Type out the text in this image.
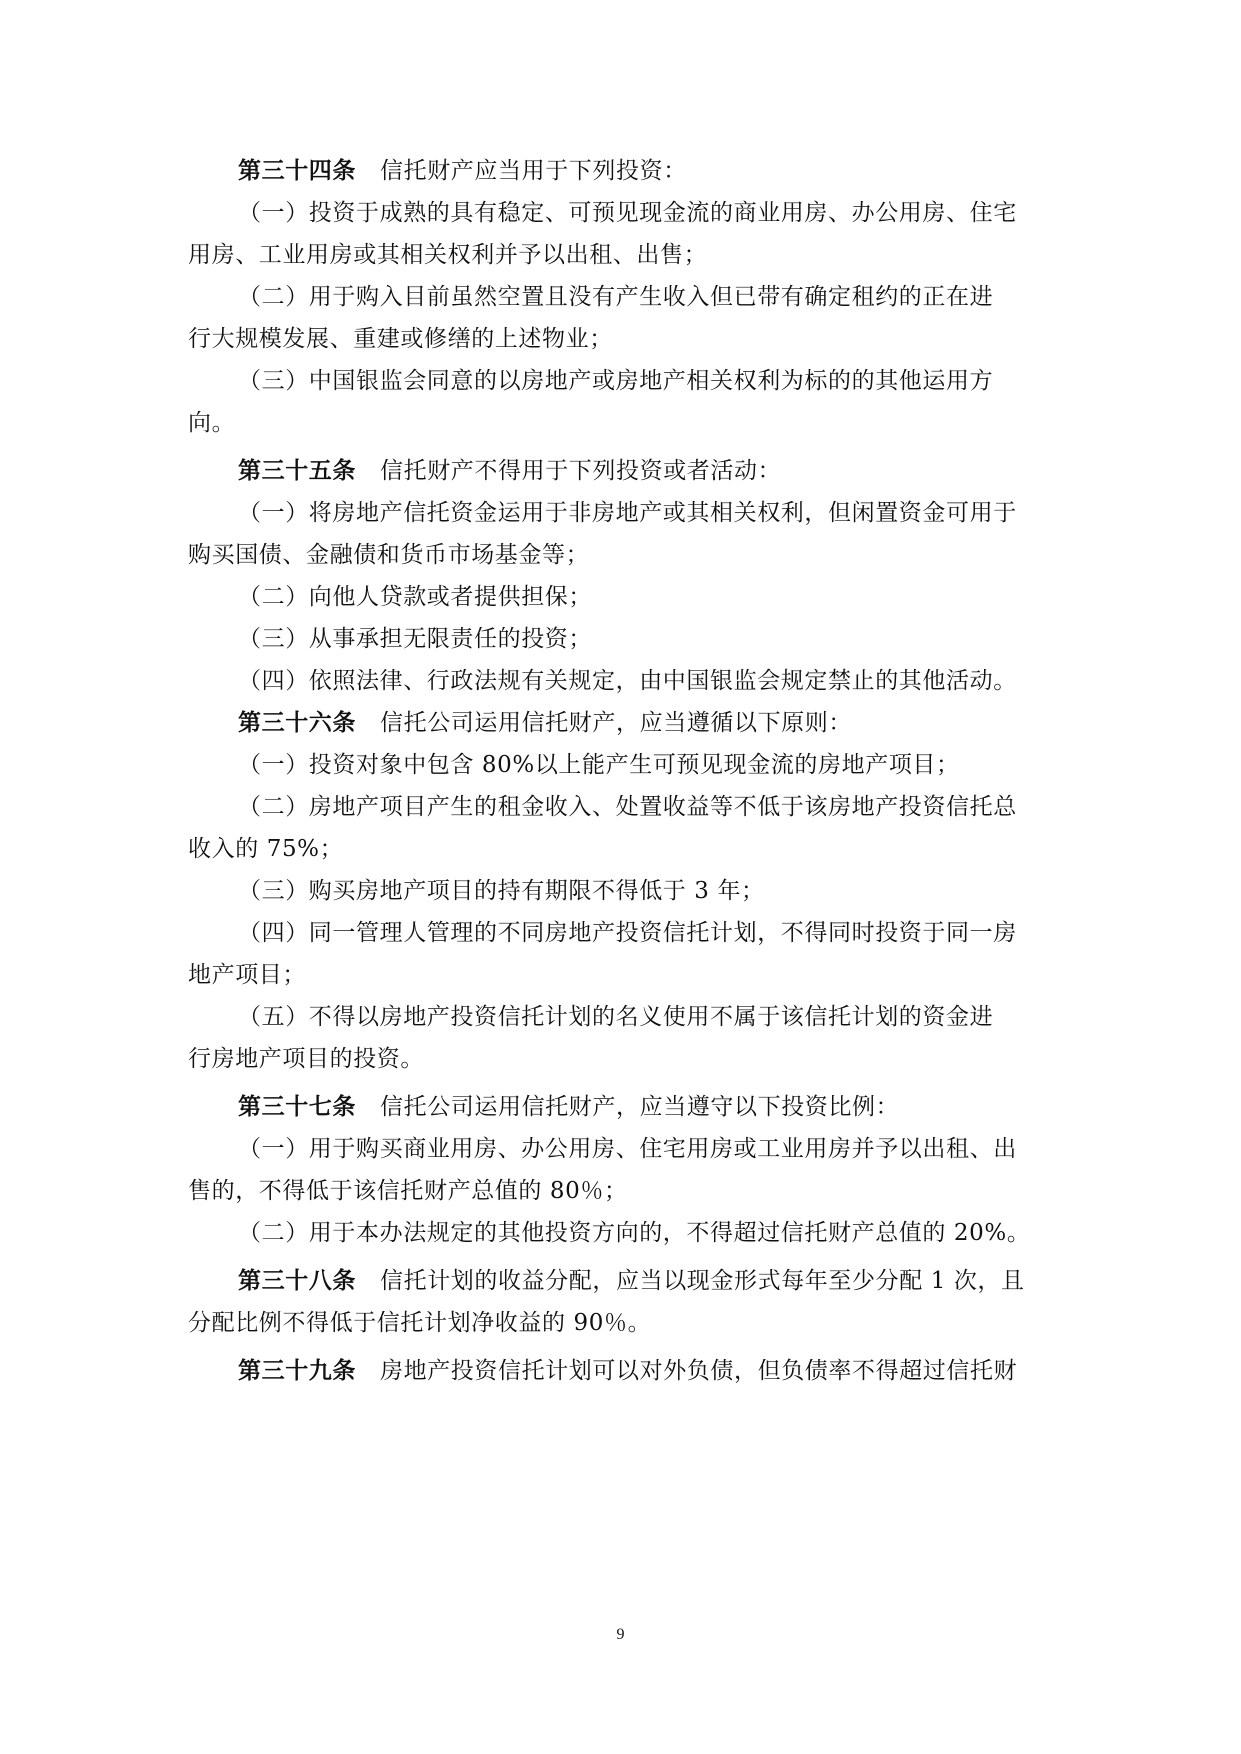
第三十四条 信托财产应当用于下列投资：
（一）投资于成熟的具有稳定、可预见现金流的商业用房、办公用房、住宅
用房、工业用房或其相关权利并予以出租、出售；
（二）用于购入目前虽然空置且没有产生收入但已带有确定租约的正在进
行大规模发展、重建或修缮的上述物业；
（三）中国银监会同意的以房地产或房地产相关权利为标的的其他运用方
向。
第三十五条 信托财产不得用于下列投资或者活动：
（一）将房地产信托资金运用于非房地产或其相关权利，但闲置资金可用于
购买国债、金融债和货币市场基金等；
（二）向他人贷款或者提供担保；
（三）从事承担无限责任的投资；
（四）依照法律、行政法规有关规定，由中国银监会规定禁止的其他活动。
第三十六条 信托公司运用信托财产，应当遵循以下原则：
（一）投资对象中包含 80%以上能产生可预见现金流的房地产项目；
（二）房地产项目产生的租金收入、处置收益等不低于该房地产投资信托总
收入的 75%；
（三）购买房地产项目的持有期限不得低于 3 年；
（四）同一管理人管理的不同房地产投资信托计划，不得同时投资于同一房
地产项目；
（五）不得以房地产投资信托计划的名义使用不属于该信托计划的资金进
行房地产项目的投资。
第三十七条 信托公司运用信托财产，应当遵守以下投资比例：
（一）用于购买商业用房、办公用房、住宅用房或工业用房并予以出租、出
售的，不得低于该信托财产总值的 80％；
（二）用于本办法规定的其他投资方向的，不得超过信托财产总值的 20%。
第三十八条 信托计划的收益分配，应当以现金形式每年至少分配 1 次，且
分配比例不得低于信托计划净收益的 90％。
第三十九条 房地产投资信托计划可以对外负债，但负债率不得超过信托财
9
